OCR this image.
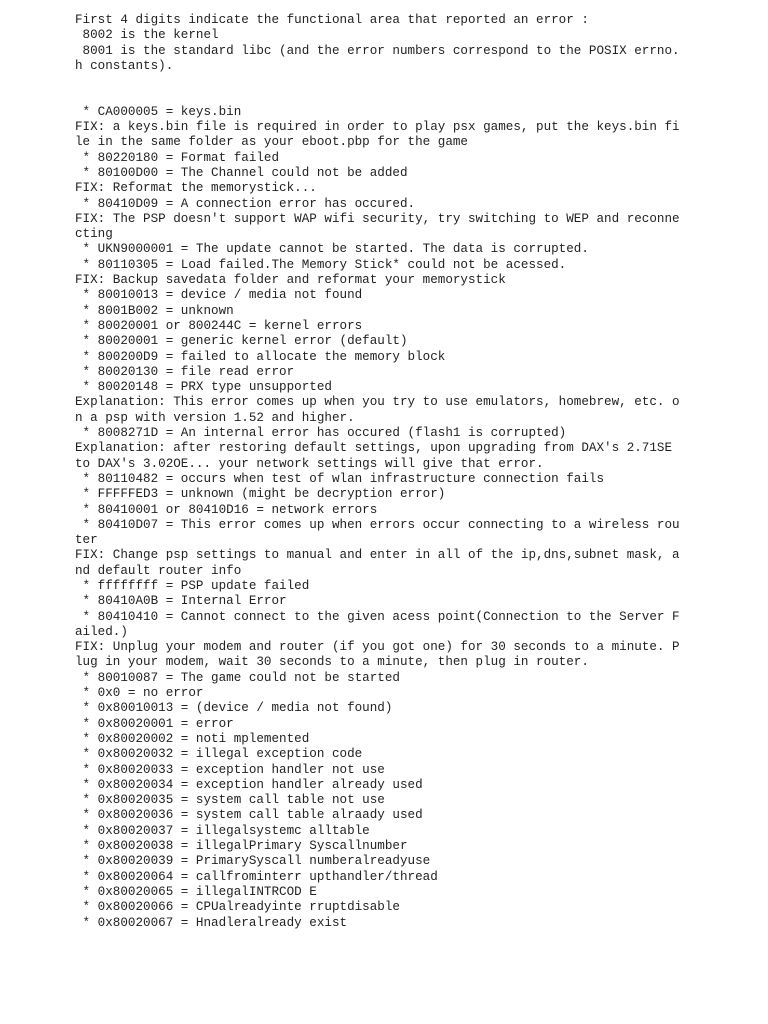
First 4 digits indicate the functional area that reported an error :
8002 is the kernel
8001 is the standard libc (and the error numbers correspond to the POSIX errno.
h constants).
* CA000005 = keys.bin
FIX: a keys.bin file is required in order to play psx games, put the keys.bin fi
le in the same folder as your eboot.pbp for the game
* 80220180 = Format failed
* 80100D00 = The Channel could not be added
FIX: Reformat the memorystick...
* 80410D09 = A connection error has occured.
FIX: The PSP doesn't support WAP wifi security, try switching to WEP and reconne
cting
* UKN9000001 = The update cannot be started. The data is corrupted.
* 80110305 = Load failed.The Memory Stick* could not be acessed.
FIX: Backup savedata folder and reformat your memorystick
* 80010013 = device / media not found
* 8001B002 = unknown
* 80020001 or 800244C = kernel errors
* 80020001 = generic kernel error (default)
* 800200D9 = failed to allocate the memory block
* 80020130 = file read error
* 80020148 = PRX type unsupported
Explanation: This error comes up when you try to use emulators, homebrew, etc. o
n a psp with version 1.52 and higher.
* 8008271D = An internal error has occured (flash1 is corrupted)
Explanation: after restoring default settings, upon upgrading from DAX's 2.71SE
to DAX's 3.02OE... your network settings will give that error.
* 80110482 = occurs when test of wlan infrastructure connection fails
* FFFFFED3 = unknown (might be decryption error)
* 80410001 or 80410D16 = network errors
* 80410D07 = This error comes up when errors occur connecting to a wireless rou
ter
FIX: Change psp settings to manual and enter in all of the ip,dns,subnet mask, a
nd default router info
* ffffffff = PSP update failed
* 80410A0B = Internal Error
* 80410410 = Cannot connect to the given acess point(Connection to the Server F
ailed.)
FIX: Unplug your modem and router (if you got one) for 30 seconds to a minute. P
lug in your modem, wait 30 seconds to a minute, then plug in router.
* 80010087 = The game could not be started
* 0x0 = no error
* 0x80010013 = (device / media not found)
* 0x80020001 = error
* 0x80020002 = noti mplemented
* 0x80020032 = illegal exception code
* 0x80020033 = exception handler not use
* 0x80020034 = exception handler already used
* 0x80020035 = system call table not use
* 0x80020036 = system call table alraady used
* 0x80020037 = illegalsystemc alltable
* 0x80020038 = illegalPrimary Syscallnumber
* 0x80020039 = PrimarySyscall numberalreadyuse
* 0x80020064 = callfrominterr upthandler/thread
* 0x80020065 = illegalINTRCOD E
* 0x80020066 = CPUalreadyinte rruptdisable
* 0x80020067 = Hnadleralready exist
